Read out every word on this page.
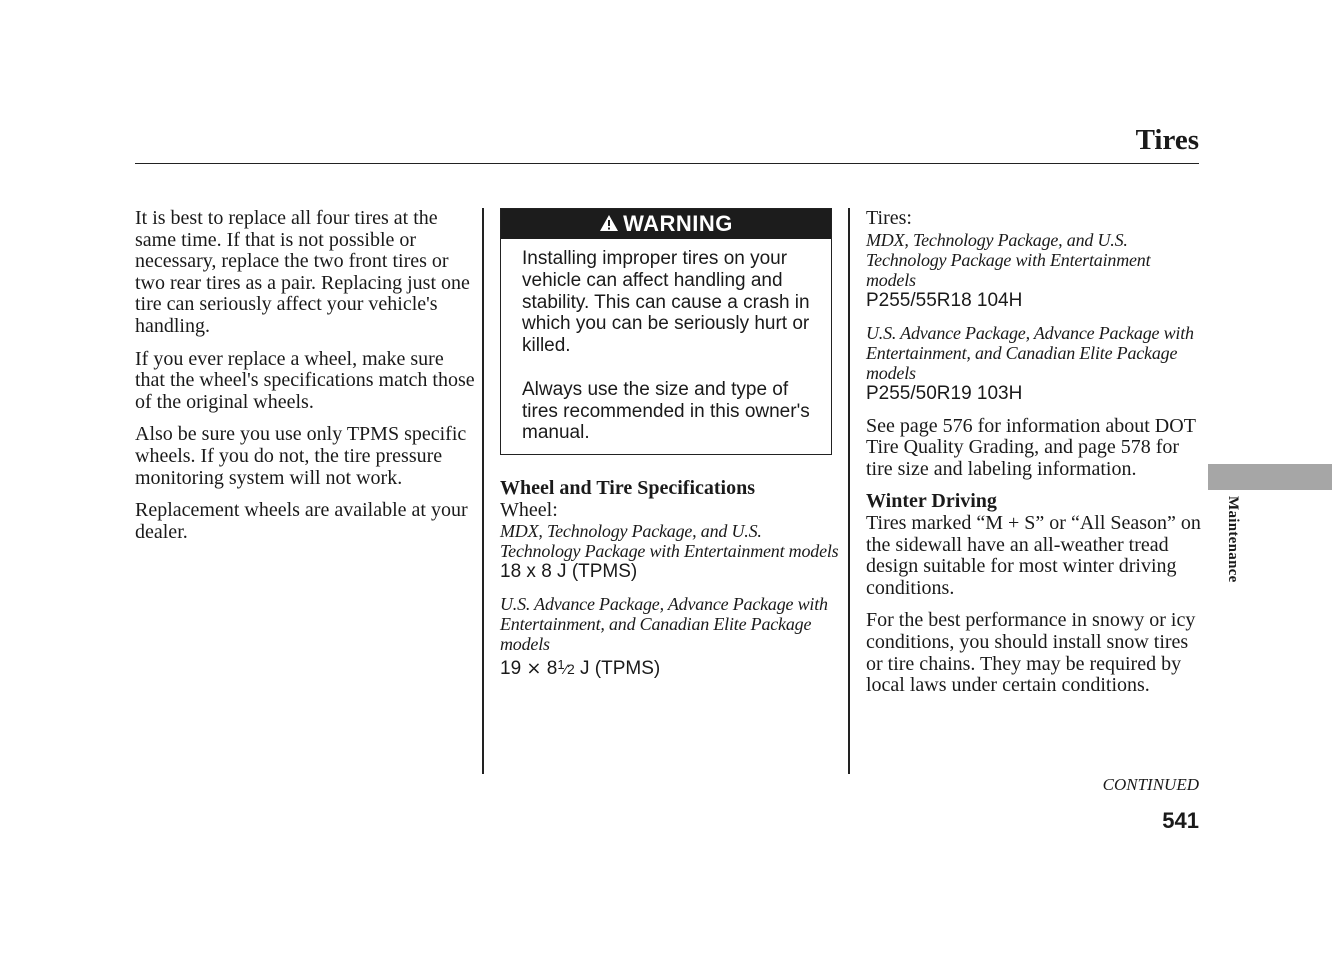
Tires

It is best to replace all four tires at the same time. If that is not possible or necessary, replace the two front tires or two rear tires as a pair. Replacing just one tire can seriously affect your vehicle's handling.

If you ever replace a wheel, make sure that the wheel's specifications match those of the original wheels.

Also be sure you use only TPMS specific wheels. If you do not, the tire pressure monitoring system will not work.

Replacement wheels are available at your dealer.

WARNING

Installing improper tires on your vehicle can affect handling and stability. This can cause a crash in which you can be seriously hurt or killed.

Always use the size and type of tires recommended in this owner's manual.

Wheel and Tire Specifications

Wheel:

MDX, Technology Package, and U.S. Technology Package with Entertainment models

18 x 8 J (TPMS)

U.S. Advance Package, Advance Package with Entertainment, and Canadian Elite Package models

$19 \times 8^1⁄2$ J (TPMS)

Tires:

MDX, Technology Package, and U.S. Technology Package with Entertainment models

P255/55R18 104H

U.S. Advance Package, Advance Package with Entertainment, and Canadian Elite Package models

P255/50R19 103H

See page 576 for information about DOT Tire Quality Grading, and page 578 for tire size and labeling information.

Winter Driving

Tires marked “M + S” or “All Season” on the sidewall have an all-weather tread design suitable for most winter driving conditions.

For the best performance in snowy or icy conditions, you should install snow tires or tire chains. They may be required by local laws under certain conditions.

Maintenance
CONTINUED
541
